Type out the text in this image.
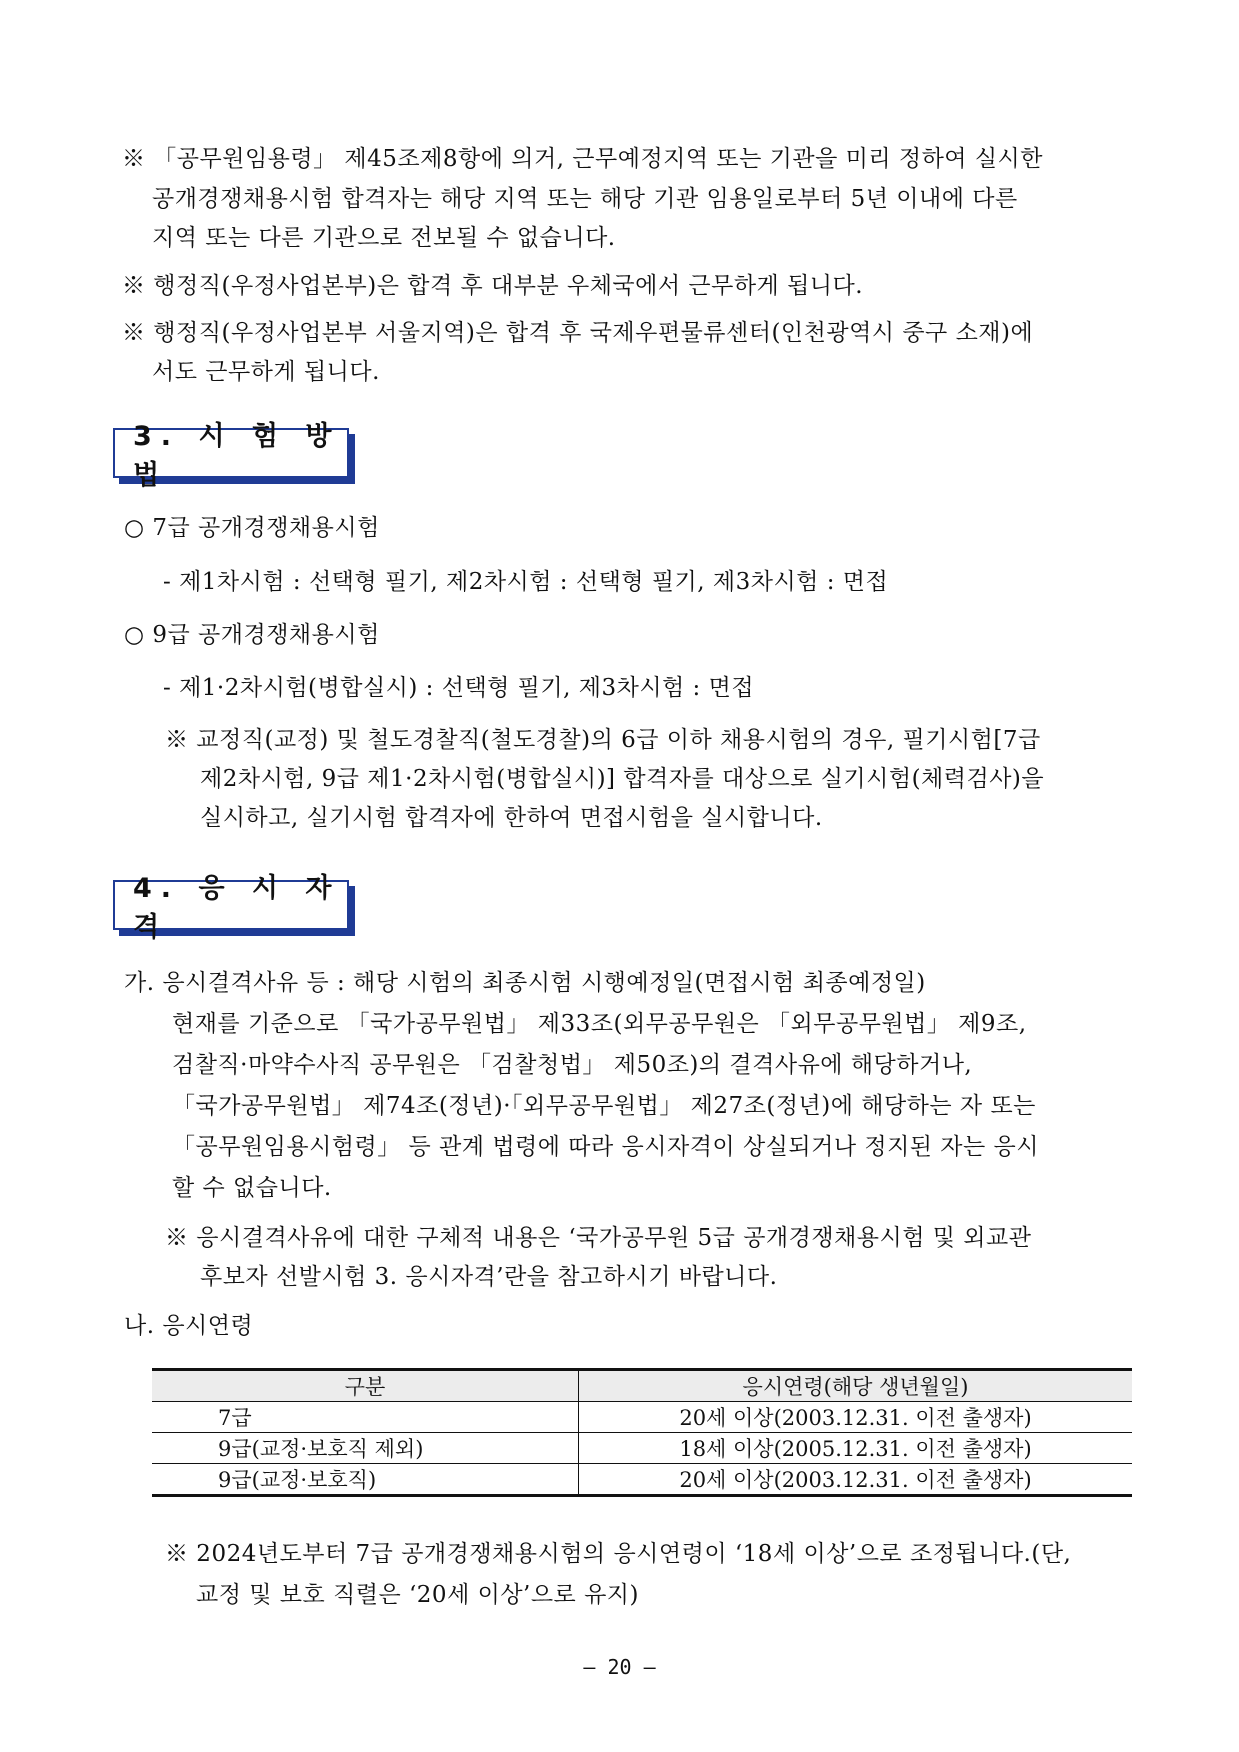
※ 「공무원임용령」 제45조제8항에 의거, 근무예정지역 또는 기관을 미리 정하여 실시한
공개경쟁채용시험 합격자는 해당 지역 또는 해당 기관 임용일로부터 5년 이내에 다른
지역 또는 다른 기관으로 전보될 수 없습니다.
※ 행정직(우정사업본부)은 합격 후 대부분 우체국에서 근무하게 됩니다.
※ 행정직(우정사업본부 서울지역)은 합격 후 국제우편물류센터(인천광역시 중구 소재)에
서도 근무하게 됩니다.
3. 시 험 방 법
○ 7급 공개경쟁채용시험
- 제1차시험 : 선택형 필기, 제2차시험 : 선택형 필기, 제3차시험 : 면접
○ 9급 공개경쟁채용시험
- 제1·2차시험(병합실시) : 선택형 필기, 제3차시험 : 면접
※ 교정직(교정) 및 철도경찰직(철도경찰)의 6급 이하 채용시험의 경우, 필기시험[7급
제2차시험, 9급 제1·2차시험(병합실시)] 합격자를 대상으로 실기시험(체력검사)을
실시하고, 실기시험 합격자에 한하여 면접시험을 실시합니다.
4. 응 시 자 격
가. 응시결격사유 등 : 해당 시험의 최종시험 시행예정일(면접시험 최종예정일)
현재를 기준으로 「국가공무원법」 제33조(외무공무원은 「외무공무원법」 제9조,
검찰직·마약수사직 공무원은 「검찰청법」 제50조)의 결격사유에 해당하거나,
「국가공무원법」 제74조(정년)·「외무공무원법」 제27조(정년)에 해당하는 자 또는
「공무원임용시험령」 등 관계 법령에 따라 응시자격이 상실되거나 정지된 자는 응시
할 수 없습니다.
※ 응시결격사유에 대한 구체적 내용은 ‘국가공무원 5급 공개경쟁채용시험 및 외교관
후보자 선발시험 3. 응시자격’란을 참고하시기 바랍니다.
나. 응시연령
구분	응시연령(해당 생년월일)
7급	20세 이상(2003.12.31. 이전 출생자)
9급(교정·보호직 제외)	18세 이상(2005.12.31. 이전 출생자)
9급(교정·보호직)	20세 이상(2003.12.31. 이전 출생자)
※ 2024년도부터 7급 공개경쟁채용시험의 응시연령이 ‘18세 이상’으로 조정됩니다.(단,
교정 및 보호 직렬은 ‘20세 이상’으로 유지)
– 20 –
